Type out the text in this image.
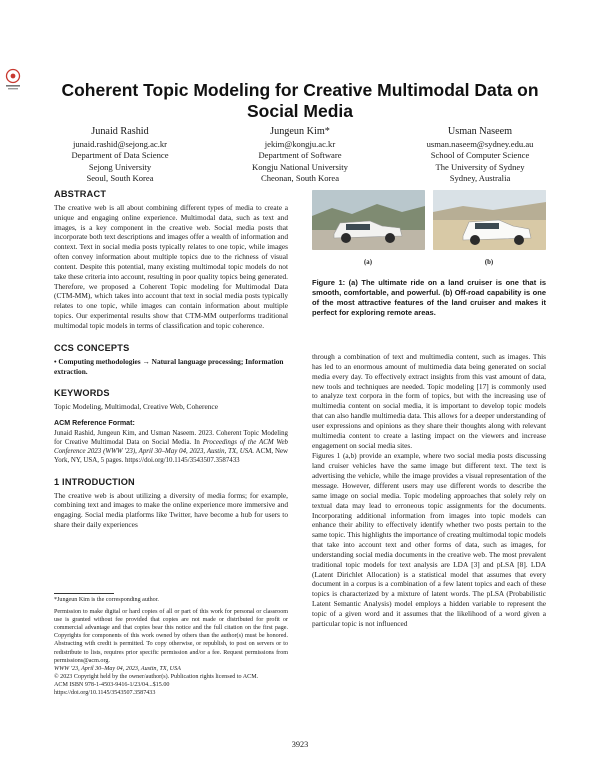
Coherent Topic Modeling for Creative Multimodal Data on Social Media
Junaid Rashid
junaid.rashid@sejong.ac.kr
Department of Data Science
Sejong University
Seoul, South Korea
Jungeun Kim*
jekim@kongju.ac.kr
Department of Software
Kongju National University
Cheonan, South Korea
Usman Naseem
usman.naseem@sydney.edu.au
School of Computer Science
The University of Sydney
Sydney, Australia
ABSTRACT

The creative web is all about combining different types of media to create a unique and engaging online experience. Multimodal data, such as text and images, is a key component in the creative web. Social media posts that incorporate both text descriptions and images offer a wealth of information and context. Text in social media posts typically relates to one topic, while images often convey information about multiple topics due to the richness of visual content. Despite this potential, many existing multimodal topic models do not take these criteria into account, resulting in poor quality topics being generated. Therefore, we proposed a Coherent Topic modeling for Multimodal Data (CTM-MM), which takes into account that text in social media posts typically relates to one topic, while images can contain information about multiple topics. Our experimental results show that CTM-MM outperforms traditional multimodal topic models in terms of classification and topic coherence.

CCS CONCEPTS

• Computing methodologies → Natural language processing; Information extraction.

KEYWORDS

Topic Modeling, Multimodal, Creative Web, Coherence

ACM Reference Format:

Junaid Rashid, Jungeun Kim, and Usman Naseem. 2023. Coherent Topic Modeling for Creative Multimodal Data on Social Media. In Proceedings of the ACM Web Conference 2023 (WWW '23), April 30–May 04, 2023, Austin, TX, USA. ACM, New York, NY, USA, 5 pages. https://doi.org/10.1145/3543507.3587433

1 INTRODUCTION

The creative web is about utilizing a diversity of media forms; for example, combining text and images to make the online experience more immersive and engaging. Social media platforms like Twitter, have become a hub for users to share their daily experiences

*Jungeun Kim is the corresponding author.

Permission to make digital or hard copies of all or part of this work for personal or classroom use is granted without fee provided that copies are not made or distributed for profit or commercial advantage and that copies bear this notice and the full citation on the first page. Copyrights for components of this work owned by others than the author(s) must be honored. Abstracting with credit is permitted. To copy otherwise, or republish, to post on servers or to redistribute to lists, requires prior specific permission and/or a fee. Request permissions from permissions@acm.org.

WWW '23, April 30–May 04, 2023, Austin, TX, USA

© 2023 Copyright held by the owner/author(s). Publication rights licensed to ACM.

ACM ISBN 978-1-4503-9416-1/23/04...$15.00

https://doi.org/10.1145/3543507.3587433

(a)	(b)
Figure 1: (a) The ultimate ride on a land cruiser is one that is smooth, comfortable, and powerful. (b) Off-road capability is one of the most attractive features of the land cruiser and makes it perfect for exploring remote areas.

through a combination of text and multimedia content, such as images. This has led to an enormous amount of multimedia data being generated on social media every day. To effectively extract insights from this vast amount of data, new tools and techniques are needed. Topic modeling [17] is commonly used to analyze text corpora in the form of topics, but with the increasing use of multimedia content on social media, it is important to develop topic models that can also handle multimedia data. This allows for a deeper understanding of user expressions and opinions as they share their thoughts along with relevant multimedia content to create a lasting impact on the viewers and increase engagement on social media sites.

Figures 1 (a,b) provide an example, where two social media posts discussing land cruiser vehicles have the same image but different text. The text is advertising the vehicle, while the image provides a visual representation of the message. However, different users may use different words to describe the same image on social media. Topic modeling approaches that solely rely on textual data may lead to erroneous topic assignments for the documents. Incorporating additional information from images into topic models can enhance their ability to effectively identify whether two posts pertain to the same topic. This highlights the importance of creating multimodal topic models that take into account text and other forms of data, such as images, for understanding social media documents in the creative web. The most prevalent traditional topic models for text analysis are LDA [3] and pLSA [8]. LDA (Latent Dirichlet Allocation) is a statistical model that assumes that every document in a corpus is a combination of a few latent topics and each of these topics is characterized by a mixture of latent words. The pLSA (Probabilistic Latent Semantic Analysis) model employs a hidden variable to represent the topic of a given word and it assumes that the likelihood of a word given a particular topic is not influenced

3923
